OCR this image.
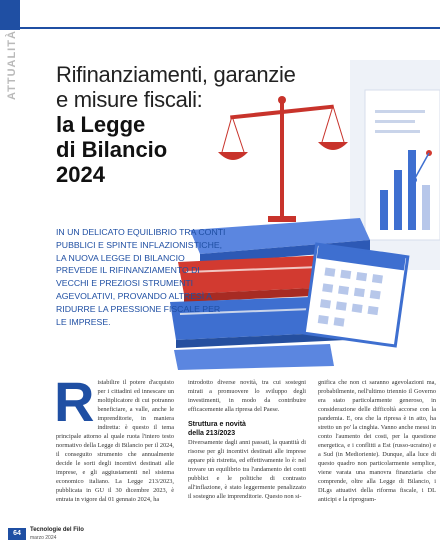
ATTUALITÀ Rifinanziamenti, garanzie
e misure fiscali:
la Legge
di Bilancio
2024
IN UN DELICATO EQUILIBRIO TRA CONTI PUBBLICI E SPINTE INFLAZIONISTICHE, LA NUOVA LEGGE DI BILANCIO PREVEDE IL RIFINANZIAMENTO DI VECCHI E PREZIOSI STRUMENTI AGEVOLATIVI, PROVANDO ALTRESÌ A RIDURRE LA PRESSIONE FISCALE PER LE IMPRESE.
R istabilire il potere d'acquisto per i cittadini ed innescare un moltiplicatore di cui potranno beneficiare, a valle, anche le imprenditorie, in maniera indiretta: è questo il tema principale attorno al quale ruota l'intero testo normativo della Legge di Bilancio per il 2024, il conseguito strumento che annualmente decide le sorti degli incentivi destinati alle imprese, e gli aggiustamenti nel sistema economico italiano. La Legge 213/2023, pubblicata in GU il 30 dicembre 2023, è entrata in vigore dal 01 gennaio 2024, ha
introdotto diverse novità, tra cui sostegni mirati a promuovere lo sviluppo degli investimenti, in modo da contribuire efficacemente alla ripresa del Paese.
Struttura e novità
della 213/2023
Diversamente dagli anni passati, la quantità di risorse per gli incentivi destinati alle imprese appare più ristretta, ed effettivamente lo è: nel trovare un equilibrio tra l'andamento dei conti pubblici e le politiche di contrasto all'inflazione, è stato leggermente penalizzato il sostegno alle imprenditorie. Questo non si-
gnifica che non ci saranno agevolazioni ma, probabilmente, nell'ultimo triennio il Governo era stato particolarmente generoso, in considerazione delle difficoltà accorse con la pandemia. E, ora che la ripresa è in atto, ha stretto un po' la cinghia. Vanno anche messi in conto l'aumento dei costi, per la questione energetica, e i conflitti a Est (russo-ucraino) e a Sud (in Medioriente). Dunque, alla luce di questo quadro non particolarmente semplice, viene varata una manovra finanziaria che comprende, oltre alla Legge di Bilancio, i DLgs attuativi della riforma fiscale, i DL anticipi e la riprogram-
64	Tecnologie del Filo
marzo 2024
